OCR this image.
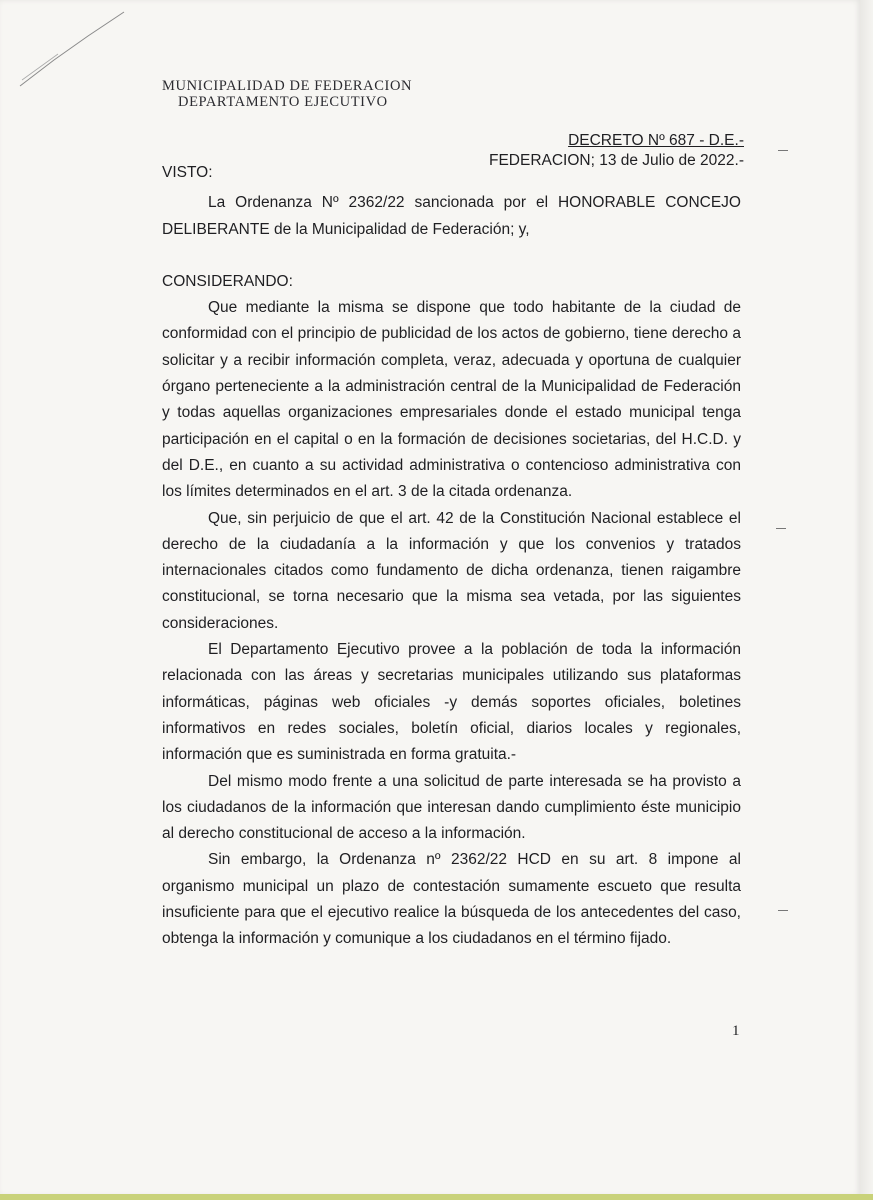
MUNICIPALIDAD DE FEDERACION
DEPARTAMENTO EJECUTIVO
DECRETO Nº 687 - D.E.-
FEDERACION; 13 de Julio de 2022.-

VISTO:

La Ordenanza Nº 2362/22 sancionada por el HONORABLE CONCEJO DELIBERANTE de la Municipalidad de Federación; y,

CONSIDERANDO:

Que mediante la misma se dispone que todo habitante de la ciudad de conformidad con el principio de publicidad de los actos de gobierno, tiene derecho a solicitar y a recibir información completa, veraz, adecuada y oportuna de cualquier órgano perteneciente a la administración central de la Municipalidad de Federación y todas aquellas organizaciones empresariales donde el estado municipal tenga participación en el capital o en la formación de decisiones societarias, del H.C.D. y del D.E., en cuanto a su actividad administrativa o contencioso administrativa con los límites determinados en el art. 3 de la citada ordenanza.

Que, sin perjuicio de que el art. 42 de la Constitución Nacional establece el derecho de la ciudadanía a la información y que los convenios y tratados internacionales citados como fundamento de dicha ordenanza, tienen raigambre constitucional, se torna necesario que la misma sea vetada, por las siguientes consideraciones.

El Departamento Ejecutivo provee a la población de toda la información relacionada con las áreas y secretarias municipales utilizando sus plataformas informáticas, páginas web oficiales -y demás soportes oficiales, boletines informativos en redes sociales, boletín oficial, diarios locales y regionales, información que es suministrada en forma gratuita.-

Del mismo modo frente a una solicitud de parte interesada se ha provisto a los ciudadanos de la información que interesan dando cumplimiento éste municipio al derecho constitucional de acceso a la información.

Sin embargo, la Ordenanza nº 2362/22 HCD en su art. 8 impone al organismo municipal un plazo de contestación sumamente escueto que resulta insuficiente para que el ejecutivo realice la búsqueda de los antecedentes del caso, obtenga la información y comunique a los ciudadanos en el término fijado.

1
